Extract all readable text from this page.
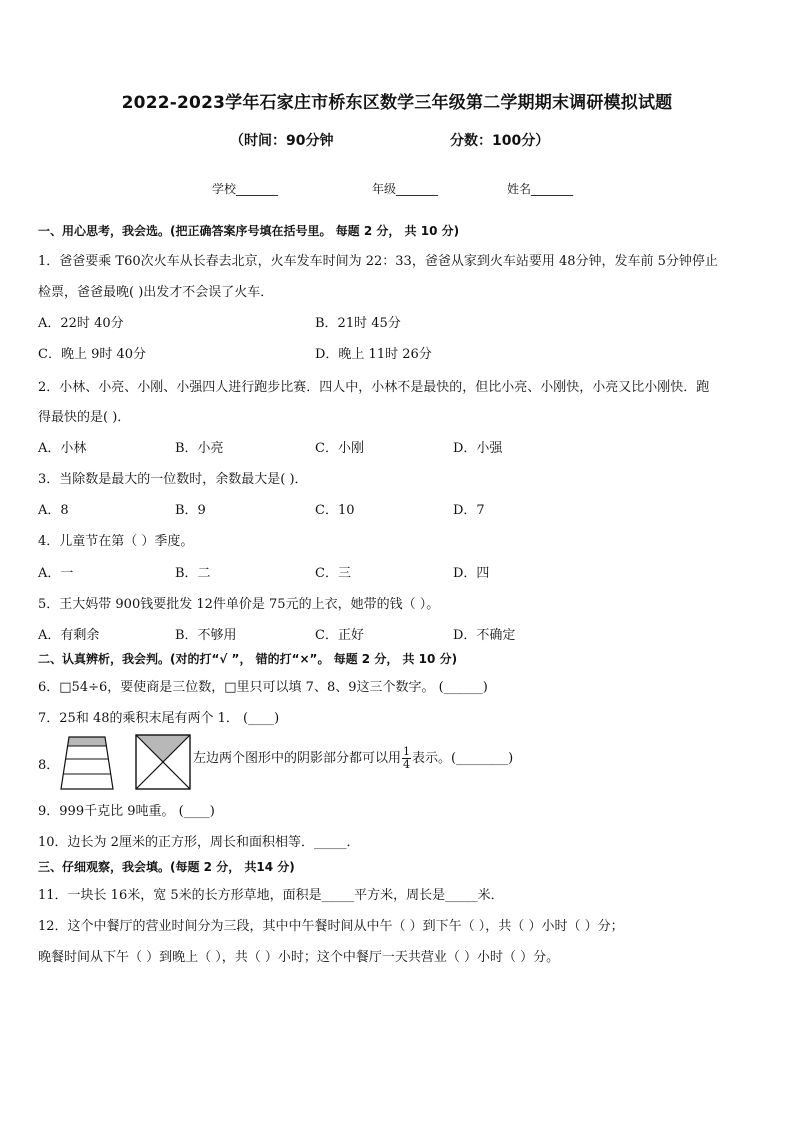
2022-2023学年石家庄市桥东区数学三年级第二学期期末调研模拟试题
（时间：90分钟	分数：100分）
学校_______	年级_______	姓名_______
一、用心思考，我会选。(把正确答案序号填在括号里。 每题 2 分， 共 10 分)
1．爸爸要乘 T60次火车从长春去北京，火车发车时间为 22：33，爸爸从家到火车站要用 48分钟，发车前 5分钟停止
检票，爸爸最晚( )出发才不会误了火车．
A．22时 40分	B．21时 45分
C．晚上 9时 40分	D．晚上 11时 26分
2．小林、小亮、小刚、小强四人进行跑步比赛．四人中，小林不是最快的，但比小亮、小刚快，小亮又比小刚快．跑
得最快的是( )．
A．小林	B．小亮	C．小刚	D．小强
3．当除数是最大的一位数时，余数最大是( )．
A．8	B．9	C．10	D．7
4．儿童节在第（ ）季度。
A．一	B．二	C．三	D．四
5．王大妈带 900钱要批发 12件单价是 75元的上衣，她带的钱（ ）。
A．有剩余	B．不够用	C．正好	D．不确定
二、认真辨析，我会判。(对的打“√ ”， 错的打“×”。 每题 2 分， 共 10 分)
6．□54÷6，要使商是三位数，□里只可以填 7、8、9这三个数字。 (______)
7．25和 48的乘积末尾有两个 1． (____)
8．	左边两个图形中的阴影部分都可以用 $\frac{1}{4}$ 表示。(________)
9．999千克比 9吨重。 (____)
10．边长为 2厘米的正方形，周长和面积相等．_____．
三、仔细观察，我会填。(每题 2 分， 共14 分)
11．一块长 16米，宽 5米的长方形草地，面积是_____平方米，周长是_____米．
12．这个中餐厅的营业时间分为三段，其中中午餐时间从中午（ ）到下午（ ），共（ ）小时（ ）分；
晚餐时间从下午（ ）到晚上（ ），共（ ）小时；这个中餐厅一天共营业（ ）小时（ ）分。
